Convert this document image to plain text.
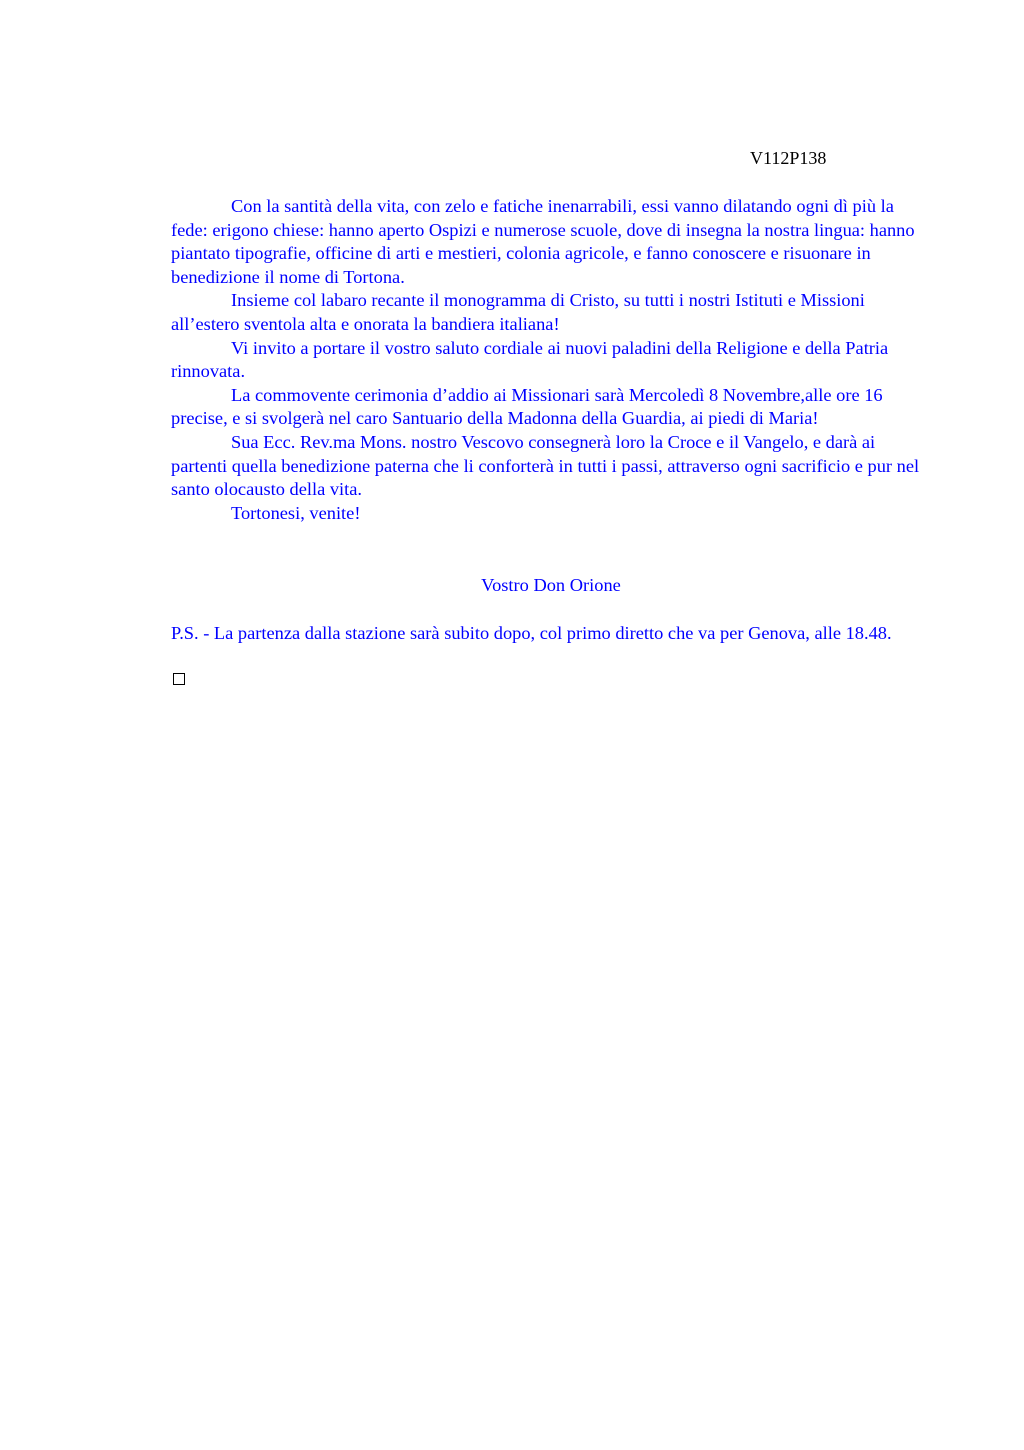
V112P138

Con la santità della vita, con zelo e fatiche inenarrabili, essi vanno dilatando ogni dì più la fede: erigono chiese: hanno aperto Ospizi e numerose scuole, dove di insegna la nostra lingua: hanno piantato tipografie, officine di arti e mestieri, colonia agricole, e fanno conoscere e risuonare in benedizione il nome di Tortona.

Insieme col labaro recante il monogramma di Cristo, su tutti i nostri Istituti e Missioni all’estero sventola alta e onorata la bandiera italiana!

Vi invito a portare il vostro saluto cordiale ai nuovi paladini della Religione e della Patria rinnovata.

La commovente cerimonia d’addio ai Missionari sarà Mercoledì 8 Novembre,alle ore 16 precise, e si svolgerà nel caro Santuario della Madonna della Guardia, ai piedi di Maria!

Sua Ecc. Rev.ma Mons. nostro Vescovo consegnerà loro la Croce e il Vangelo, e darà ai partenti quella benedizione paterna che li conforterà in tutti i passi, attraverso ogni sacrificio e pur nel santo olocausto della vita.

Tortonesi, venite!

Vostro Don Orione
P.S. - La partenza dalla stazione sarà subito dopo, col primo diretto che va per Genova, alle 18.48.
